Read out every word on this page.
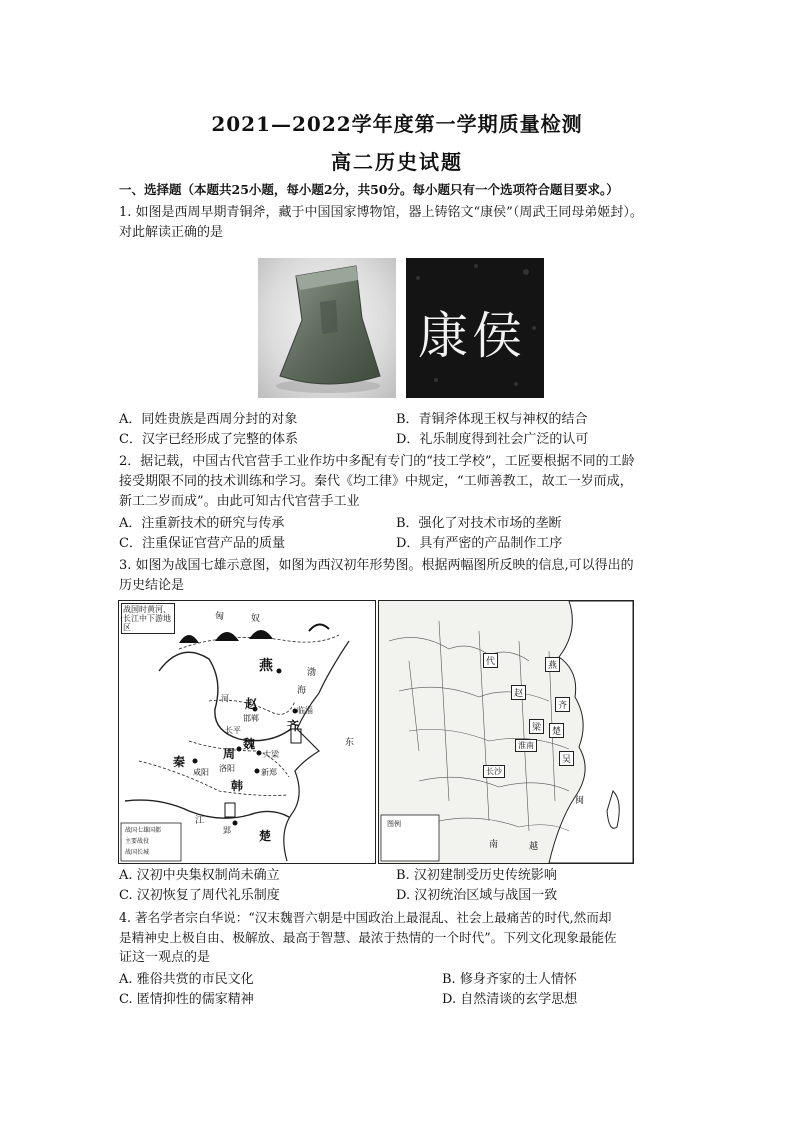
2021—2022学年度第一学期质量检测
高二历史试题
一、选择题（本题共25小题，每小题2分，共50分。每小题只有一个选项符合题目要求。）
1. 如图是西周早期青铜斧，藏于中国国家博物馆，器上铸铭文“康侯”（周武王同母弟姬封）。
对此解读正确的是
康侯
A．同姓贵族是西周分封的对象	B．青铜斧体现王权与神权的结合
C．汉字已经形成了完整的体系	D．礼乐制度得到社会广泛的认可
2．据记载，中国古代官营手工业作坊中多配有专门的“技工学校”，工匠要根据不同的工龄
接受期限不同的技术训练和学习。秦代《均工律》中规定，“工师善教工，故工一岁而成，
新工二岁而成”。由此可知古代官营手工业
A．注重新技术的研究与传承	B．强化了对技术市场的垄断
C．注重保证官营产品的质量	D．具有严密的产品制作工序
3. 如图为战国七雄示意图，如图为西汉初年形势图。根据两幅图所反映的信息,可以得出的
历史结论是
战国时黄河、长江中下游地区
匈	奴
燕
赵
邯郸
长平
魏
周	大梁
秦
咸阳 洛阳
韩
新郑
齐
临淄
河
海
渤
东
江
楚
郢
战国七雄国都
主要战役
战国长城
燕
代
赵
齐
梁
淮南
长沙
吴
楚
闽
南	越
图例
A. 汉初中央集权制尚未确立	B. 汉初建制受历史传统影响
C. 汉初恢复了周代礼乐制度	D. 汉初统治区域与战国一致
4. 著名学者宗白华说：“汉末魏晋六朝是中国政治上最混乱、社会上最痛苦的时代,然而却
是精神史上极自由、极解放、最高于智慧、最浓于热情的一个时代”。下列文化现象最能佐
证这一观点的是
A. 雅俗共赏的市民文化	B. 修身齐家的士人情怀
C. 匿情抑性的儒家精神	D. 自然清谈的玄学思想
